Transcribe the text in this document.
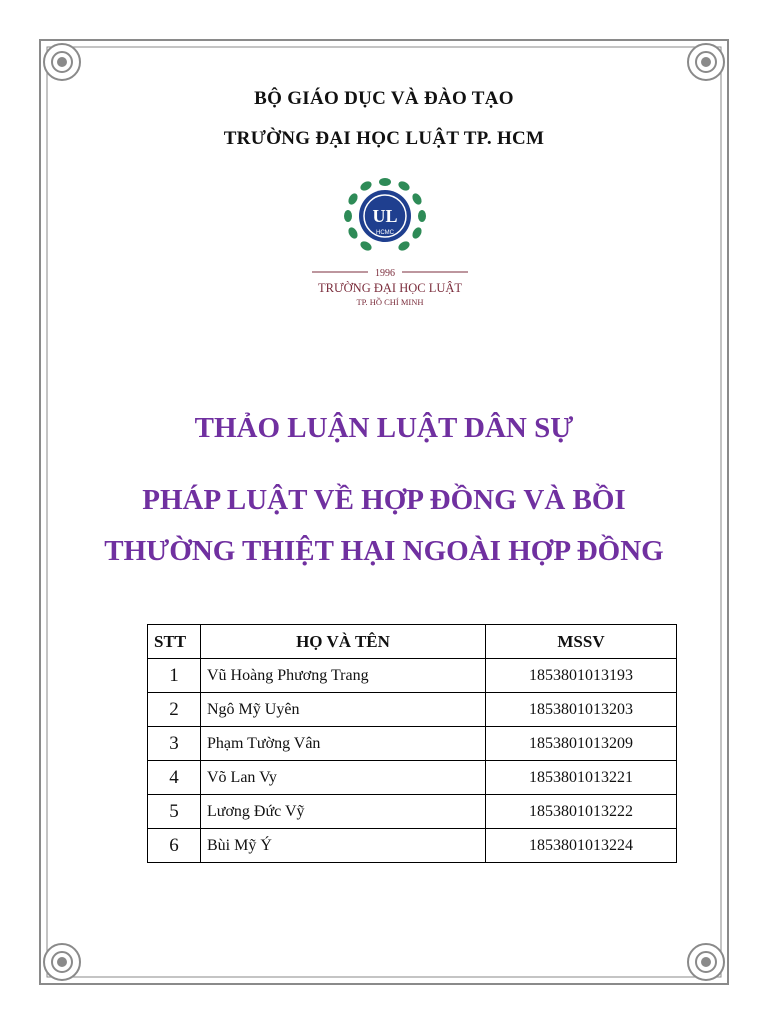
BỘ GIÁO DỤC VÀ ĐÀO TẠO
TRƯỜNG ĐẠI HỌC LUẬT TP. HCM
UL
HCMC
1996
TRƯỜNG ĐẠI HỌC LUẬT
TP. HỒ CHÍ MINH
THẢO LUẬN LUẬT DÂN SỰ
PHÁP LUẬT VỀ HỢP ĐỒNG VÀ BỒI THƯỜNG THIỆT HẠI NGOÀI HỢP ĐỒNG
STT	HỌ VÀ TÊN	MSSV
1	Vũ Hoàng Phương Trang	1853801013193
2	Ngô Mỹ Uyên	1853801013203
3	Phạm Tường Vân	1853801013209
4	Võ Lan Vy	1853801013221
5	Lương Đức Vỹ	1853801013222
6	Bùi Mỹ Ý	1853801013224
